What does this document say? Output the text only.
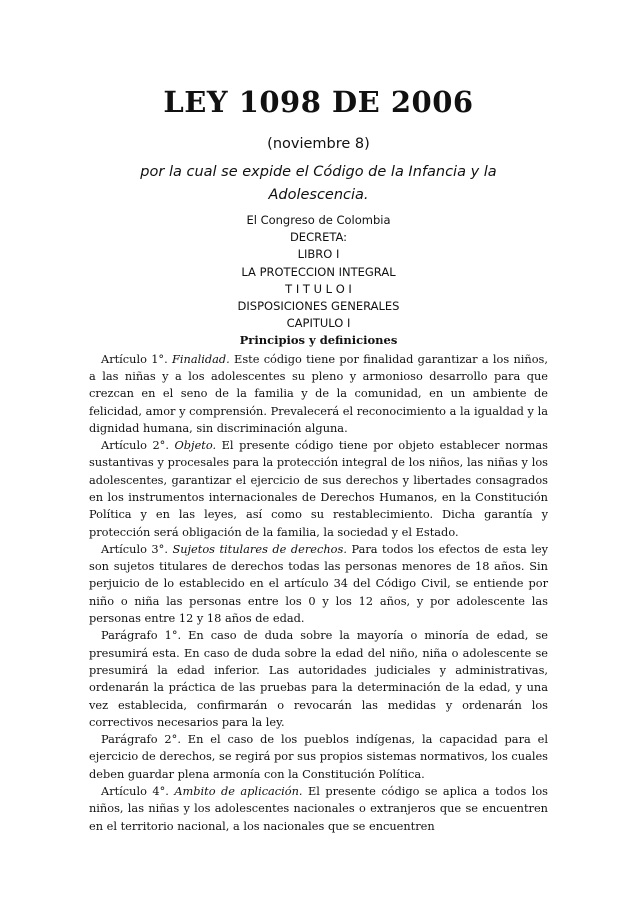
LEY 1098 DE 2006

(noviembre 8)

por la cual se expide el Código de la Infancia y la Adolescencia.

El Congreso de Colombia

DECRETA:

LIBRO I

LA PROTECCION INTEGRAL

T I T U L O I

DISPOSICIONES GENERALES

CAPITULO I

Principios y definiciones

Artículo 1°. Finalidad. Este código tiene por finalidad garantizar a los niños, a las niñas y a los adolescentes su pleno y armonioso desarrollo para que crezcan en el seno de la familia y de la comunidad, en un ambiente de felicidad, amor y comprensión. Prevalecerá el reconocimiento a la igualdad y la dignidad humana, sin discriminación alguna.

Artículo 2°. Objeto. El presente código tiene por objeto establecer normas sustantivas y procesales para la protección integral de los niños, las niñas y los adolescentes, garantizar el ejercicio de sus derechos y libertades consagrados en los instrumentos internacionales de Derechos Humanos, en la Constitución Política y en las leyes, así como su restablecimiento. Dicha garantía y protección será obligación de la familia, la sociedad y el Estado.

Artículo 3°. Sujetos titulares de derechos. Para todos los efectos de esta ley son sujetos titulares de derechos todas las personas menores de 18 años. Sin perjuicio de lo establecido en el artículo 34 del Código Civil, se entiende por niño o niña las personas entre los 0 y los 12 años, y por adolescente las personas entre 12 y 18 años de edad.

Parágrafo 1°. En caso de duda sobre la mayoría o minoría de edad, se presumirá esta. En caso de duda sobre la edad del niño, niña o adolescente se presumirá la edad inferior. Las autoridades judiciales y administrativas, ordenarán la práctica de las pruebas para la determinación de la edad, y una vez establecida, confirmarán o revocarán las medidas y ordenarán los correctivos necesarios para la ley.

Parágrafo 2°. En el caso de los pueblos indígenas, la capacidad para el ejercicio de derechos, se regirá por sus propios sistemas normativos, los cuales deben guardar plena armonía con la Constitución Política.

Artículo 4°. Ambito de aplicación. El presente código se aplica a todos los niños, las niñas y los adolescentes nacionales o extranjeros que se encuentren en el territorio nacional, a los nacionales que se encuentren
